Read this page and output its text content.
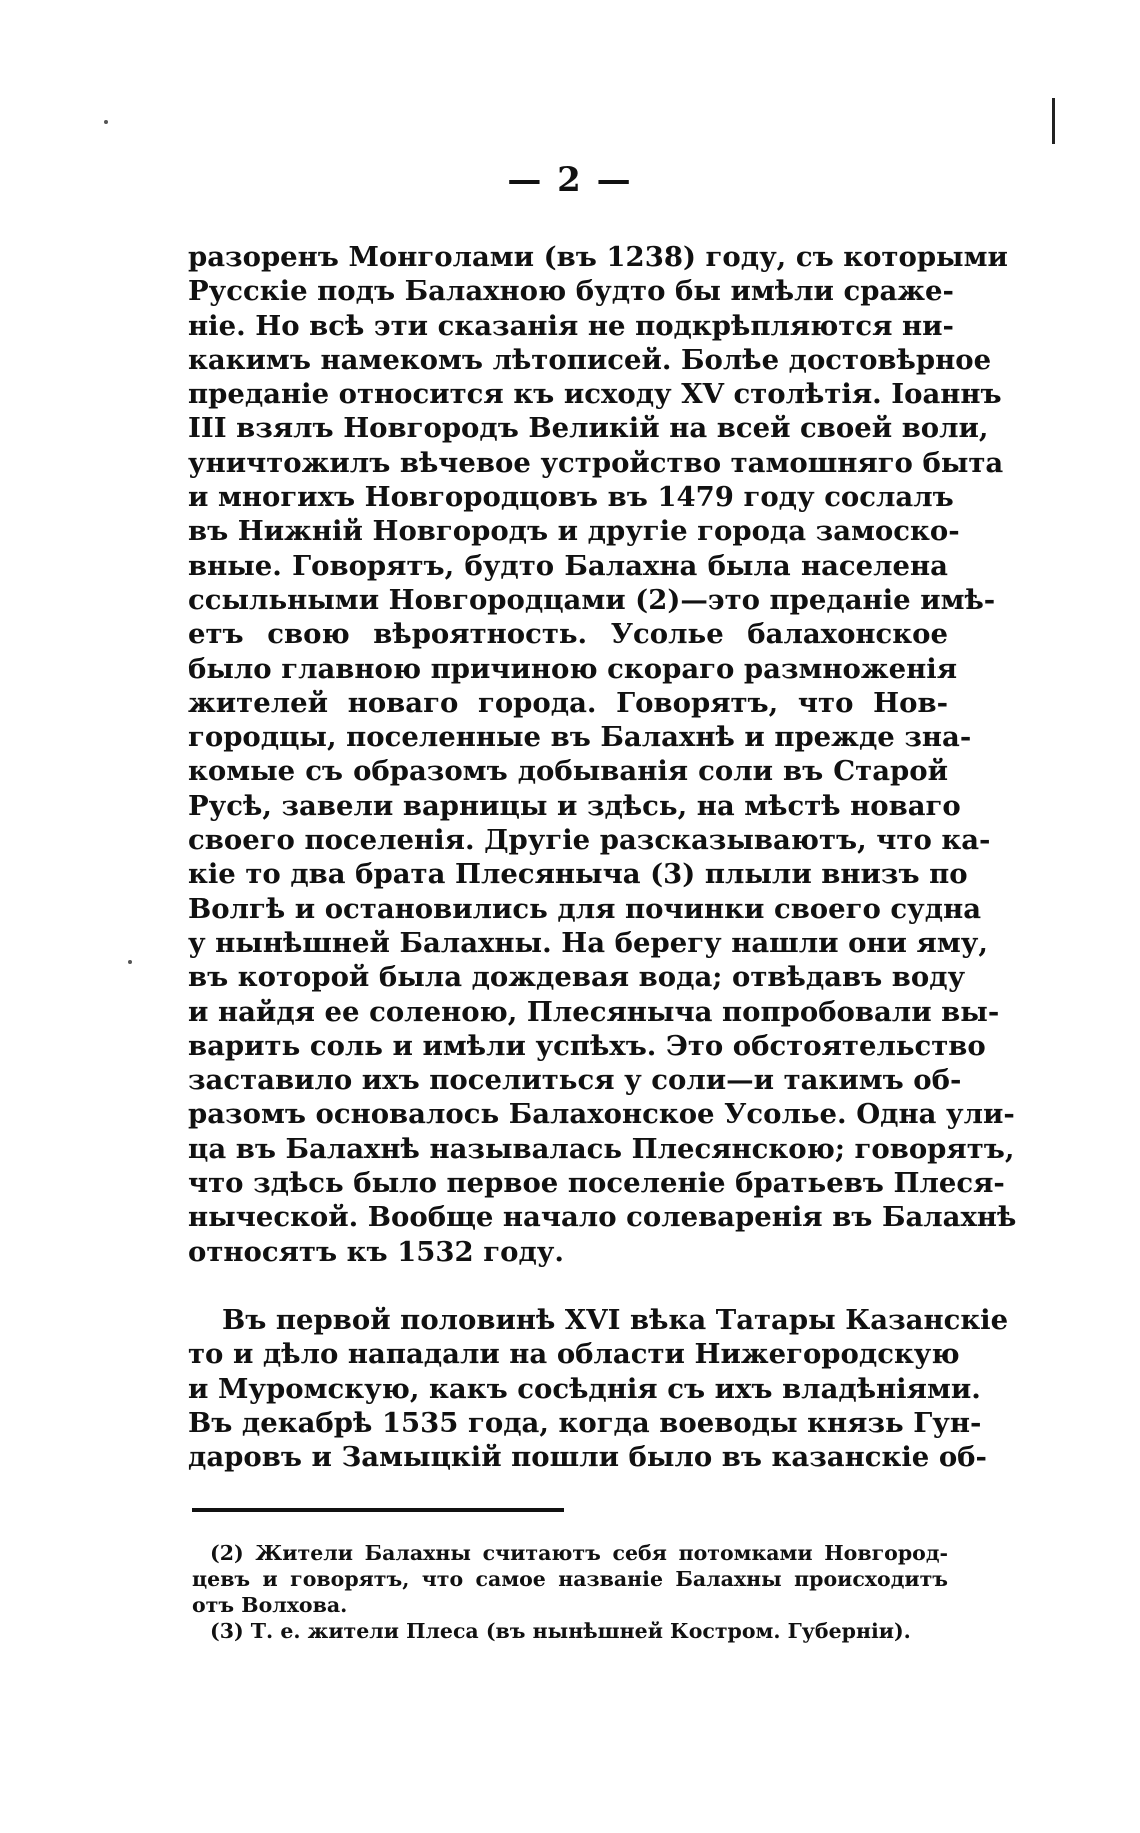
— 2 —
разоренъ Монголами (въ 1238) году, съ которыми
Русскіе подъ Балахною будто бы имѣли сраже-
ніе. Но всѣ эти сказанія не подкрѣпляются ни-
какимъ намекомъ лѣтописей. Болѣе достовѣрное
преданіе относится къ исходу XV столѣтія. Іоаннъ
III взялъ Новгородъ Великій на всей своей воли,
уничтожилъ вѣчевое устройство тамошняго быта
и многихъ Новгородцовъ въ 1479 году сослалъ
въ Нижній Новгородъ и другіе города замоско-
вные. Говорятъ, будто Балахна была населена
ссыльными Новгородцами (2)—это преданіе имѣ-
етъ свою вѣроятность. Усолье балахонское
было главною причиною скораго размноженія
жителей новаго города. Говорятъ, что Нов-
городцы, поселенные въ Балахнѣ и прежде зна-
комые съ образомъ добыванія соли въ Старой
Русѣ, завели варницы и здѣсь, на мѣстѣ новаго
своего поселенія. Другіе разсказываютъ, что ка-
кіе то два брата Плесяныча (3) плыли внизъ по
Волгѣ и остановились для починки своего судна
у нынѣшней Балахны. На берегу нашли они яму,
въ которой была дождевая вода; отвѣдавъ воду
и найдя ее соленою, Плесяныча попробовали вы-
варить соль и имѣли успѣхъ. Это обстоятельство
заставило ихъ поселиться у соли—и такимъ об-
разомъ основалось Балахонское Усолье. Одна ули-
ца въ Балахнѣ называлась Плесянскою; говорятъ,
что здѣсь было первое поселеніе братьевъ Плеся-
ныческой. Вообще начало солеваренія въ Балахнѣ
относятъ къ 1532 году.
Въ первой половинѣ XVI вѣка Татары Казанскіе
то и дѣло нападали на области Нижегородскую
и Муромскую, какъ сосѣднія съ ихъ владѣніями.
Въ декабрѣ 1535 года, когда воеводы князь Гун-
даровъ и Замыцкій пошли было въ казанскіе об-
(2) Жители Балахны считаютъ себя потомками Новгород-
цевъ и говорятъ, что самое названіе Балахны происходитъ
отъ Волхова.
(3) Т. е. жители Плеса (въ нынѣшней Костром. Губерніи).
